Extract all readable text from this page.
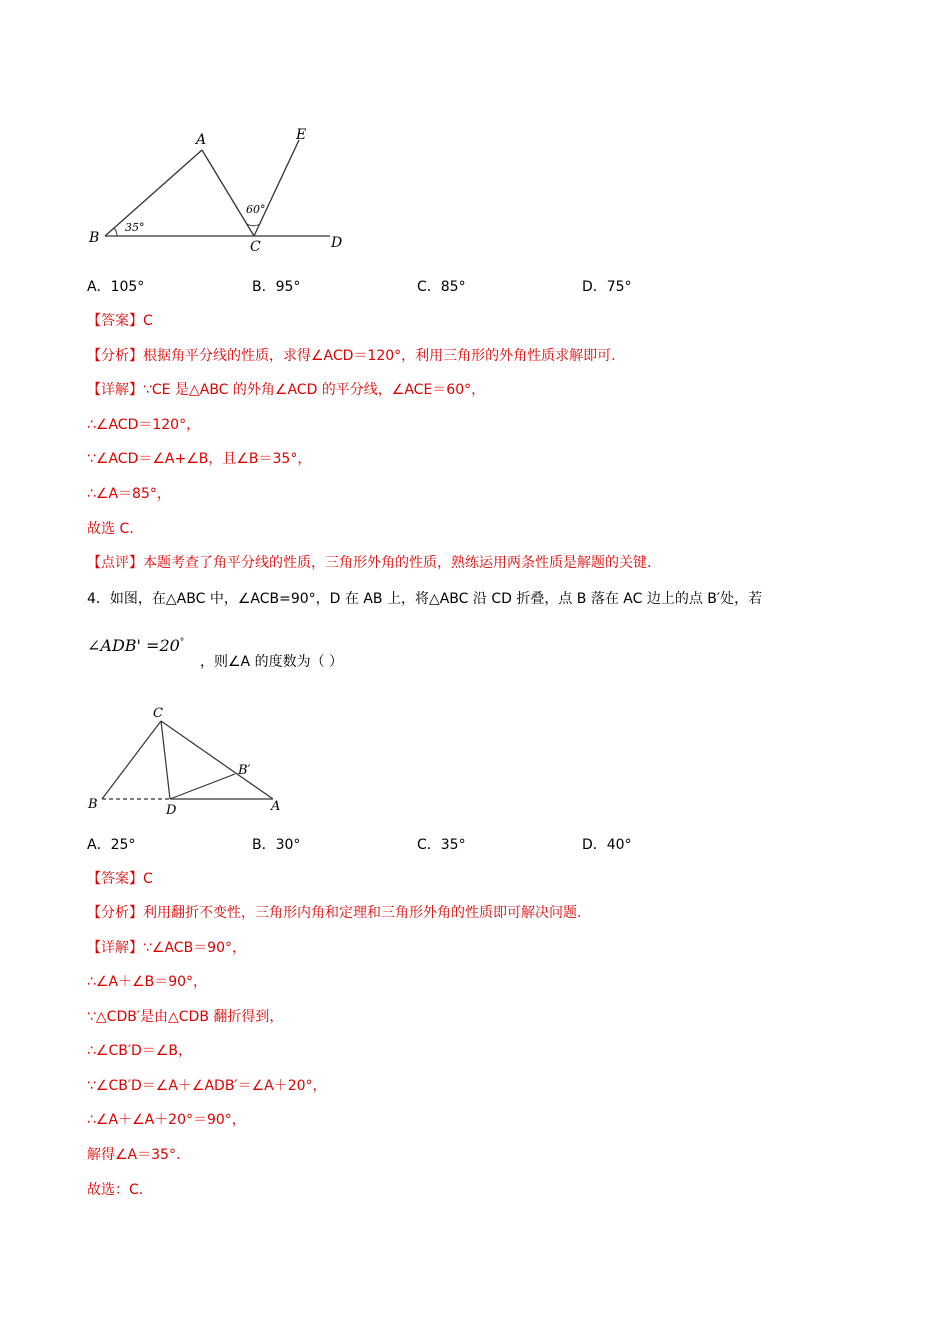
A
B
C	D
E
35°
60°
A．105°	B．95°	C．85°	D．75°
【答案】C
【分析】根据角平分线的性质，求得∠ACD＝120°，利用三角形的外角性质求解即可.
【详解】∵CE 是△ABC 的外角∠ACD 的平分线，∠ACE＝60°，
∴∠ACD＝120°，
∵∠ACD＝∠A+∠B，且∠B＝35°，
∴∠A＝85°，
故选 C.
【点评】本题考查了角平分线的性质，三角形外角的性质，熟练运用两条性质是解题的关键.
4．如图，在△ABC 中，∠ACB=90°，D 在 AB 上，将△ABC 沿 CD 折叠，点 B 落在 AC 边上的点 B′处，若
∠ADB' =20°
，则∠A 的度数为（ ）
C
B	D	A
B′
A．25°	B．30°	C．35°	D．40°
【答案】C
【分析】利用翻折不变性，三角形内角和定理和三角形外角的性质即可解决问题.
【详解】∵∠ACB＝90°，
∴∠A＋∠B＝90°，
∵△CDB′是由△CDB 翻折得到，
∴∠CB′D＝∠B，
∵∠CB′D＝∠A＋∠ADB′＝∠A＋20°，
∴∠A＋∠A＋20°＝90°，
解得∠A＝35°.
故选：C.
